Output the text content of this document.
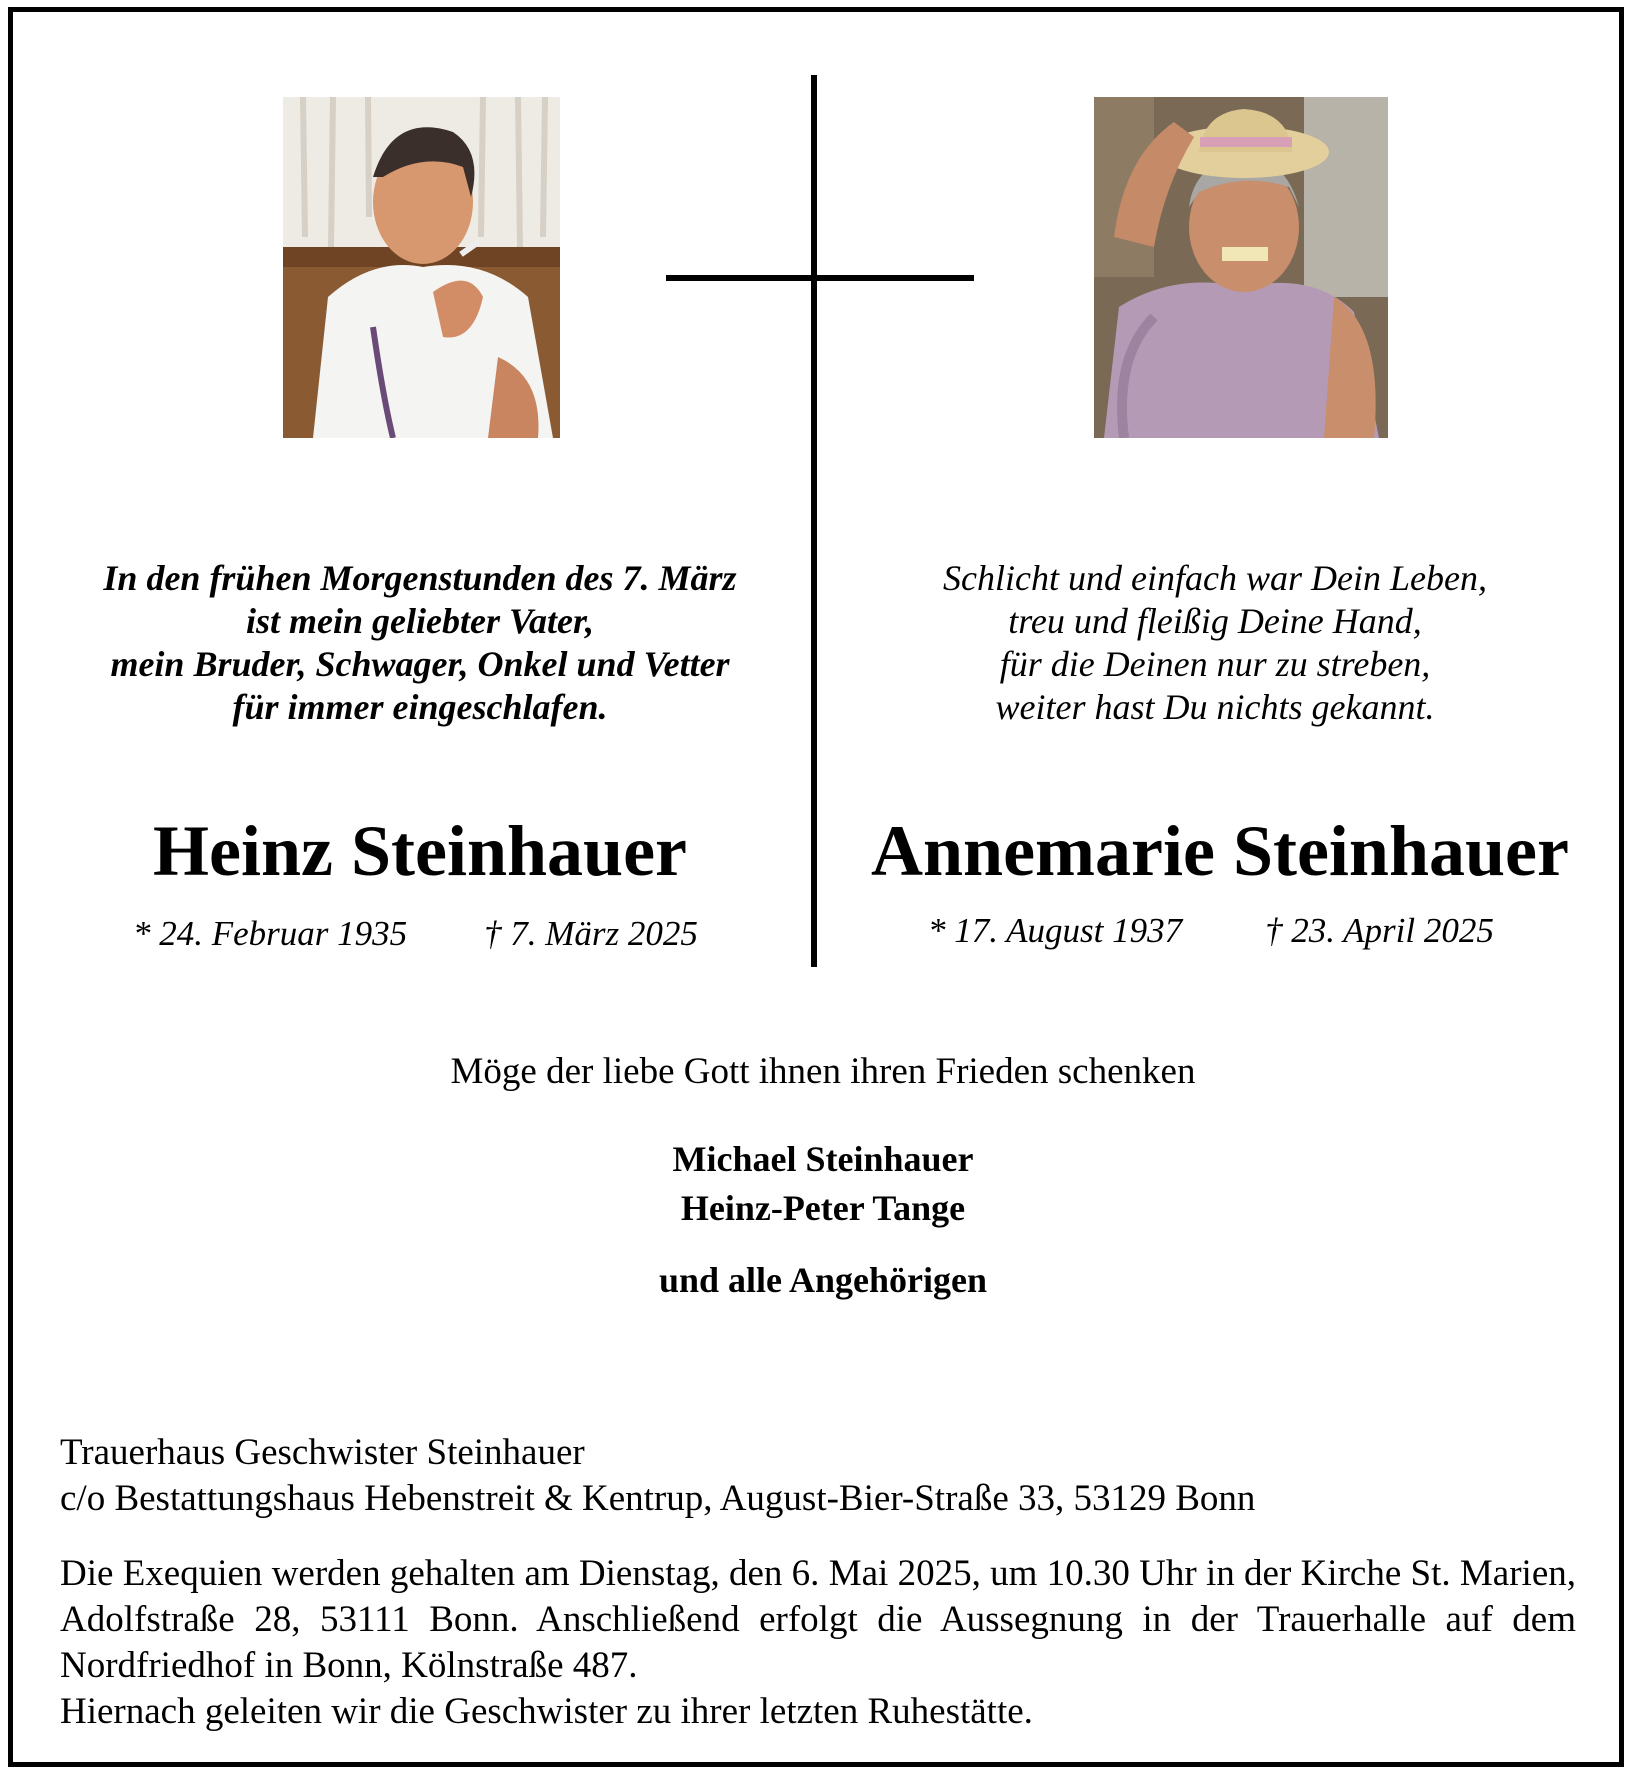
In den frühen Morgenstunden des 7. März
ist mein geliebter Vater,
mein Bruder, Schwager, Onkel und Vetter
für immer eingeschlafen.
Schlicht und einfach war Dein Leben,
treu und fleißig Deine Hand,
für die Deinen nur zu streben,
weiter hast Du nichts gekannt.
Heinz Steinhauer	Annemarie Steinhauer
* 24. Februar 1935 † 7. März 2025	* 17. August 1937 † 23. April 2025
Möge der liebe Gott ihnen ihren Frieden schenken
Michael Steinhauer
Heinz-Peter Tange
und alle Angehörigen
Trauerhaus Geschwister Steinhauer
c/o Bestattungshaus Hebenstreit & Kentrup, August-Bier-Straße 33, 53129 Bonn
Die Exequien werden gehalten am Dienstag, den 6. Mai 2025, um 10.30 Uhr in der Kirche St. Marien, Adolfstraße 28, 53111 Bonn. Anschließend erfolgt die Aussegnung in der Trauerhalle auf dem Nordfriedhof in Bonn, Kölnstraße 487.
Hiernach geleiten wir die Geschwister zu ihrer letzten Ruhestätte.
